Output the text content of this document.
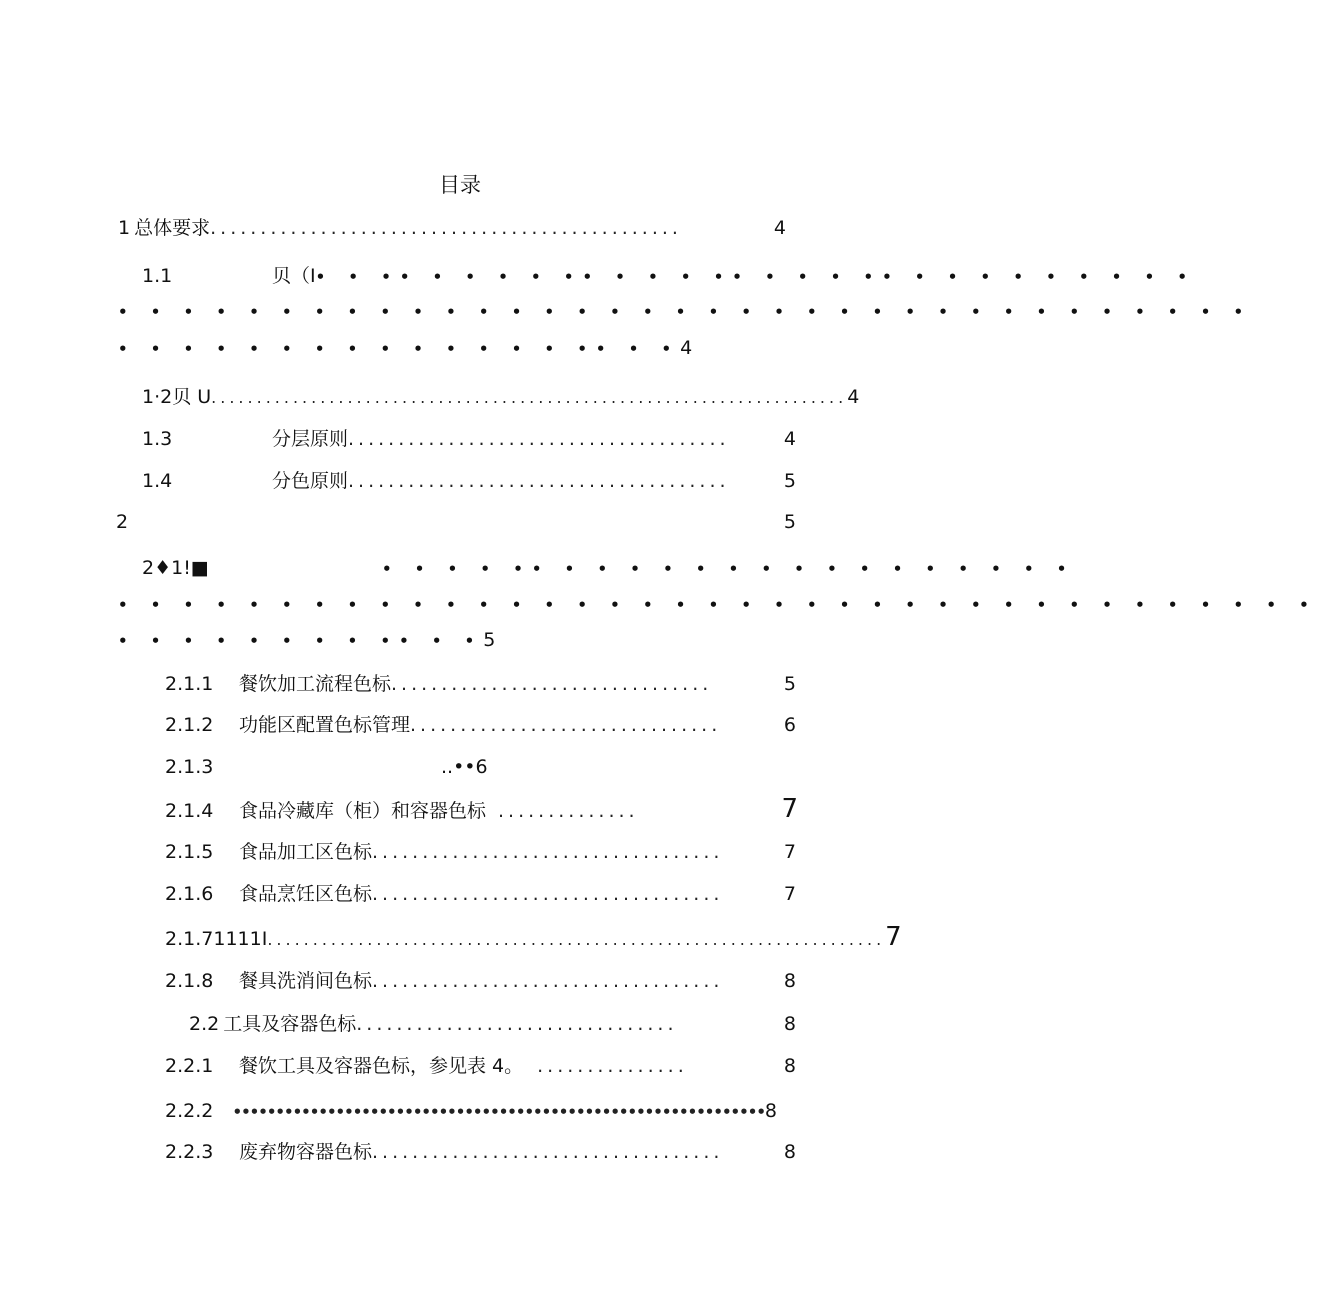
目录
1 总体要求 ...............................................	4
1.1	贝（I• • •• • • • • •• • • • •• • • • •• • • • • • • • • •
• • • • • • • • • • • • • • • • • • • • • • • • • • • • • • • • • • •
• • • • • • • • • • • • • • •• • •4
1·2 贝 U ...................................................................... 4
1.3	分层原则 ......................................	4
1.4	分色原则 ......................................	5
2	5
2♦1!■	• • • • •• • • • • • • • • • • • • • • • •
• • • • • • • • • • • • • • • • • • • • • • • • • • • • • • • • • • • • •
• • • • • • • • •• • •5
2.1.1	餐饮加工流程色标 ................................	5
2.1.2	功能区配置色标管理 ...............................	6
2.1.3	..••6
2.1.4	食品冷藏库（柜）和容器色标 ..............	7
2.1.5	食品加工区色标 ...................................	7
2.1.6	食品烹饪区色标 ...................................	7
2.1.7 1111I .................................................................... 7
2.1.8	餐具洗消间色标 ...................................	8
2.2 工具及容器色标 ................................	8
2.2.1	餐饮工具及容器色标，参见表 4。 ...............	8
2.2.2	•••••••••••••••••••••••••••••••••••••••••••••••••••••••••••••• 8
2.2.3	废弃物容器色标 ...................................	8
